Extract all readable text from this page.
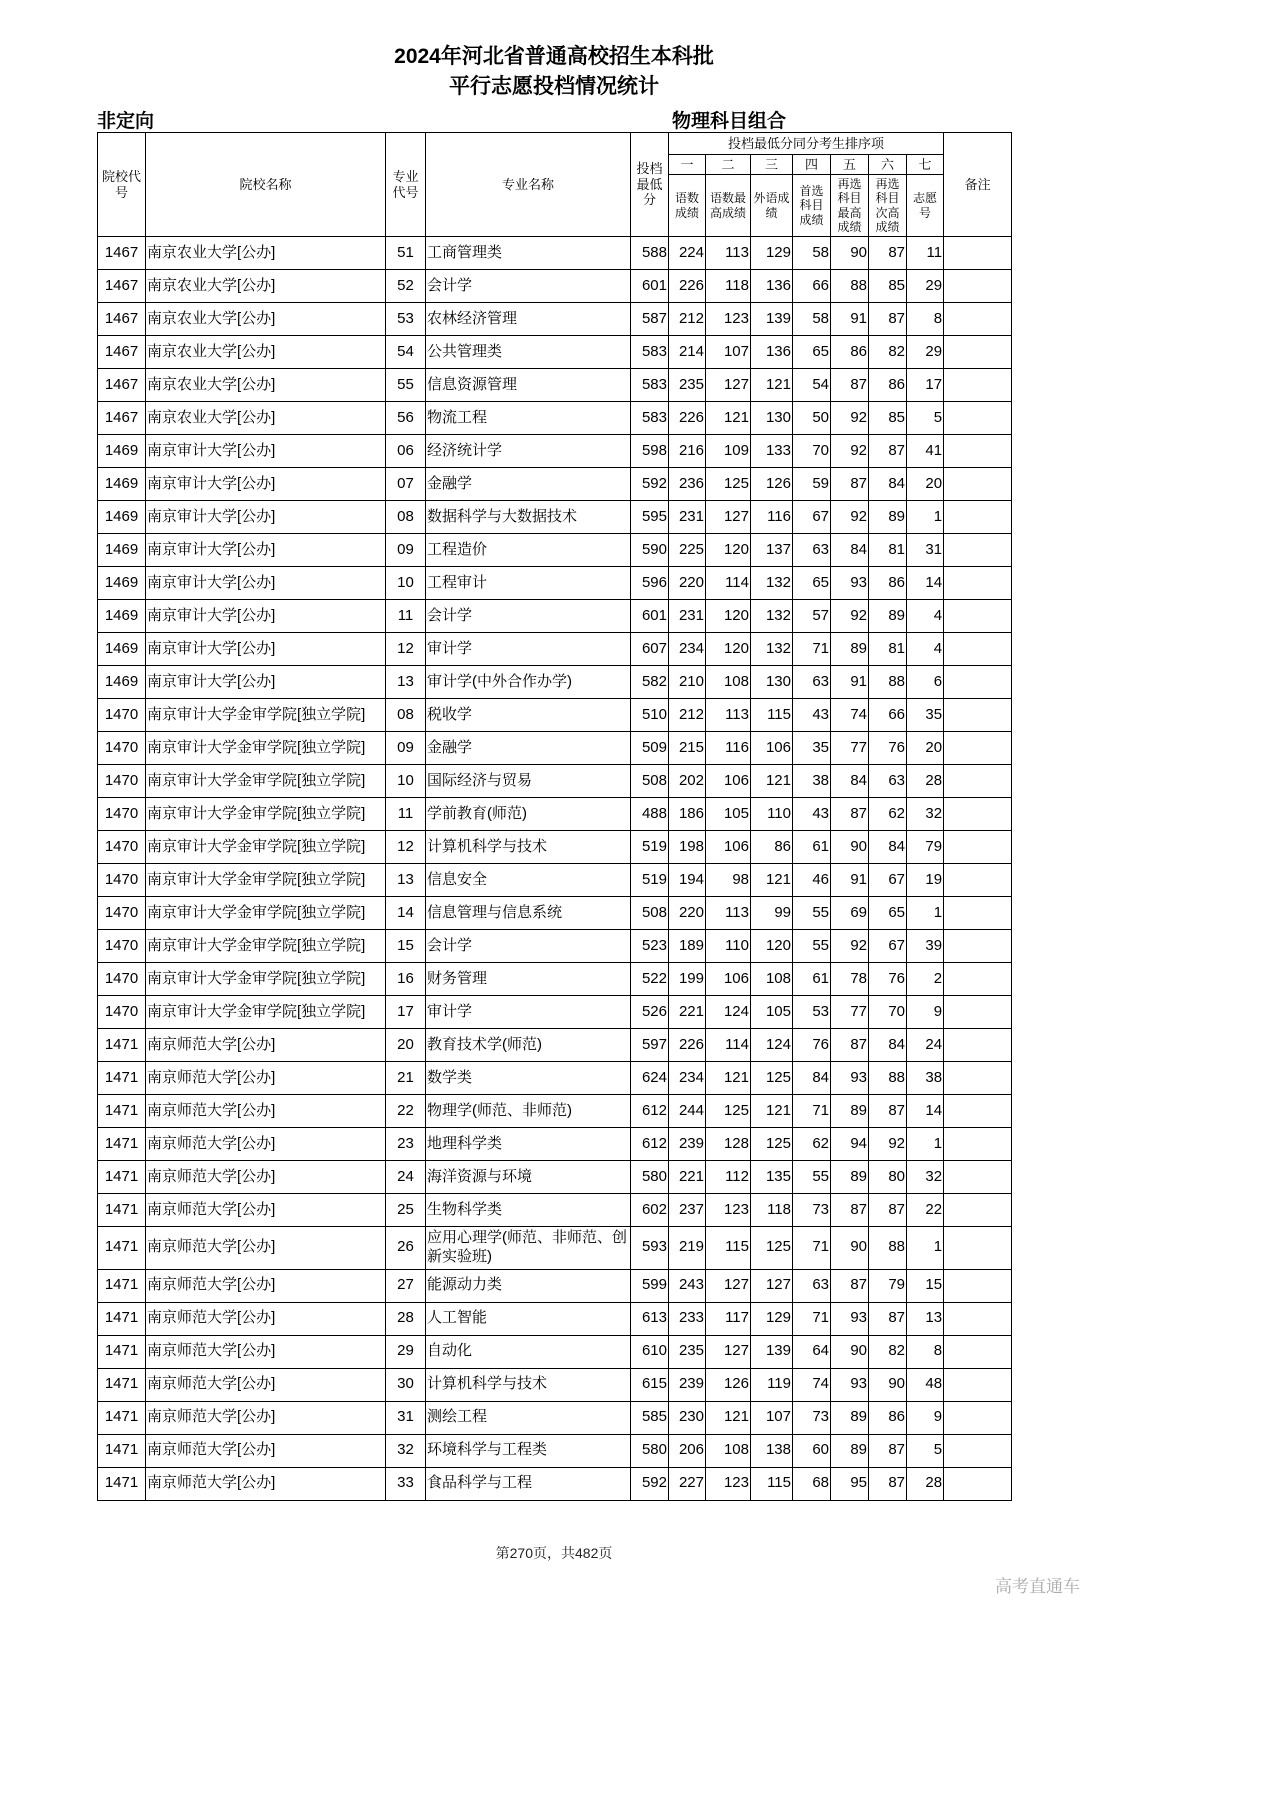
2024年河北省普通高校招生本科批
平行志愿投档情况统计
非定向	物理科目组合
院校代号	院校名称	专业代号	专业名称	投档最低分	投档最低分同分考生排序项							备注
					一	二	三	四	五	六	七	
					语数成绩	语数最高成绩	外语成绩	首选科目成绩	再选科目最高成绩	再选科目次高成绩	志愿号	
1467	南京农业大学[公办]	51	工商管理类	588	224	113	129	58	90	87	11	
1467	南京农业大学[公办]	52	会计学	601	226	118	136	66	88	85	29	
1467	南京农业大学[公办]	53	农林经济管理	587	212	123	139	58	91	87	8	
1467	南京农业大学[公办]	54	公共管理类	583	214	107	136	65	86	82	29	
1467	南京农业大学[公办]	55	信息资源管理	583	235	127	121	54	87	86	17	
1467	南京农业大学[公办]	56	物流工程	583	226	121	130	50	92	85	5	
1469	南京审计大学[公办]	06	经济统计学	598	216	109	133	70	92	87	41	
1469	南京审计大学[公办]	07	金融学	592	236	125	126	59	87	84	20	
1469	南京审计大学[公办]	08	数据科学与大数据技术	595	231	127	116	67	92	89	1	
1469	南京审计大学[公办]	09	工程造价	590	225	120	137	63	84	81	31	
1469	南京审计大学[公办]	10	工程审计	596	220	114	132	65	93	86	14	
1469	南京审计大学[公办]	11	会计学	601	231	120	132	57	92	89	4	
1469	南京审计大学[公办]	12	审计学	607	234	120	132	71	89	81	4	
1469	南京审计大学[公办]	13	审计学(中外合作办学)	582	210	108	130	63	91	88	6	
1470	南京审计大学金审学院[独立学院]	08	税收学	510	212	113	115	43	74	66	35	
1470	南京审计大学金审学院[独立学院]	09	金融学	509	215	116	106	35	77	76	20	
1470	南京审计大学金审学院[独立学院]	10	国际经济与贸易	508	202	106	121	38	84	63	28	
1470	南京审计大学金审学院[独立学院]	11	学前教育(师范)	488	186	105	110	43	87	62	32	
1470	南京审计大学金审学院[独立学院]	12	计算机科学与技术	519	198	106	86	61	90	84	79	
1470	南京审计大学金审学院[独立学院]	13	信息安全	519	194	98	121	46	91	67	19	
1470	南京审计大学金审学院[独立学院]	14	信息管理与信息系统	508	220	113	99	55	69	65	1	
1470	南京审计大学金审学院[独立学院]	15	会计学	523	189	110	120	55	92	67	39	
1470	南京审计大学金审学院[独立学院]	16	财务管理	522	199	106	108	61	78	76	2	
1470	南京审计大学金审学院[独立学院]	17	审计学	526	221	124	105	53	77	70	9	
1471	南京师范大学[公办]	20	教育技术学(师范)	597	226	114	124	76	87	84	24	
1471	南京师范大学[公办]	21	数学类	624	234	121	125	84	93	88	38	
1471	南京师范大学[公办]	22	物理学(师范、非师范)	612	244	125	121	71	89	87	14	
1471	南京师范大学[公办]	23	地理科学类	612	239	128	125	62	94	92	1	
1471	南京师范大学[公办]	24	海洋资源与环境	580	221	112	135	55	89	80	32	
1471	南京师范大学[公办]	25	生物科学类	602	237	123	118	73	87	87	22	
1471	南京师范大学[公办]	26	应用心理学(师范、非师范、创新实验班)	593	219	115	125	71	90	88	1	
1471	南京师范大学[公办]	27	能源动力类	599	243	127	127	63	87	79	15	
1471	南京师范大学[公办]	28	人工智能	613	233	117	129	71	93	87	13	
1471	南京师范大学[公办]	29	自动化	610	235	127	139	64	90	82	8	
1471	南京师范大学[公办]	30	计算机科学与技术	615	239	126	119	74	93	90	48	
1471	南京师范大学[公办]	31	测绘工程	585	230	121	107	73	89	86	9	
1471	南京师范大学[公办]	32	环境科学与工程类	580	206	108	138	60	89	87	5	
1471	南京师范大学[公办]	33	食品科学与工程	592	227	123	115	68	95	87	28	
第270页，共482页
高考直通车
